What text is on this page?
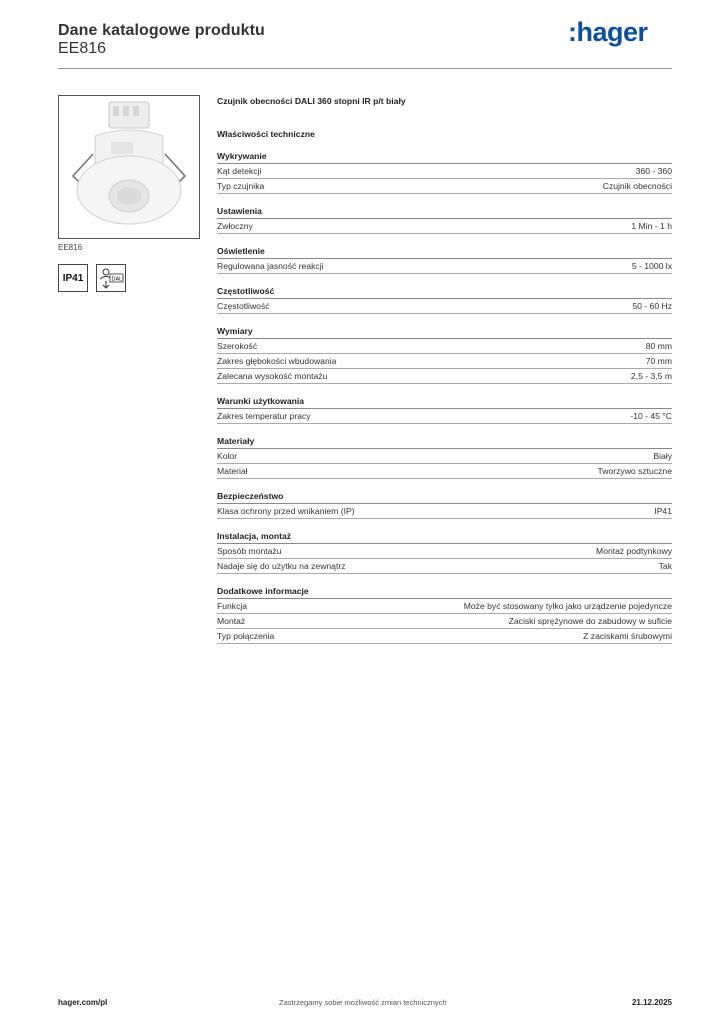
Dane katalogowe produktu
EE816
:hager
EE816
IP41	DALI
Czujnik obecności DALI 360 stopni IR p/t biały
Właściwości techniczne
Wykrywanie
Kąt detekcji	360 - 360
Typ czujnika	Czujnik obecności
Ustawienia
Zwłoczny	1 Min - 1 h
Oświetlenie
Regulowana jasność reakcji	5 - 1000 lx
Częstotliwość
Częstotliwość	50 - 60 Hz
Wymiary
Szerokość	80 mm
Zakres głębokości wbudowania	70 mm
Zalecana wysokość montażu	2,5 - 3,5 m
Warunki użytkowania
Zakres temperatur pracy	-10 - 45 °C
Materiały
Kolor	Biały
Materiał	Tworzywo sztuczne
Bezpieczeństwo
Klasa ochrony przed wnikaniem (IP)	IP41
Instalacja, montaż
Sposób montażu	Montaż podtynkowy
Nadaje się do użytku na zewnątrz	Tak
Dodatkowe informacje
Funkcja	Może być stosowany tylko jako urządzenie pojedyncze
Montaż	Zaciski sprężynowe do zabudowy w suficie
Typ połączenia	Z zaciskami śrubowymi
hager.com/pl	Zastrzegamy sobie możliwość zmian technicznych	21.12.2025
